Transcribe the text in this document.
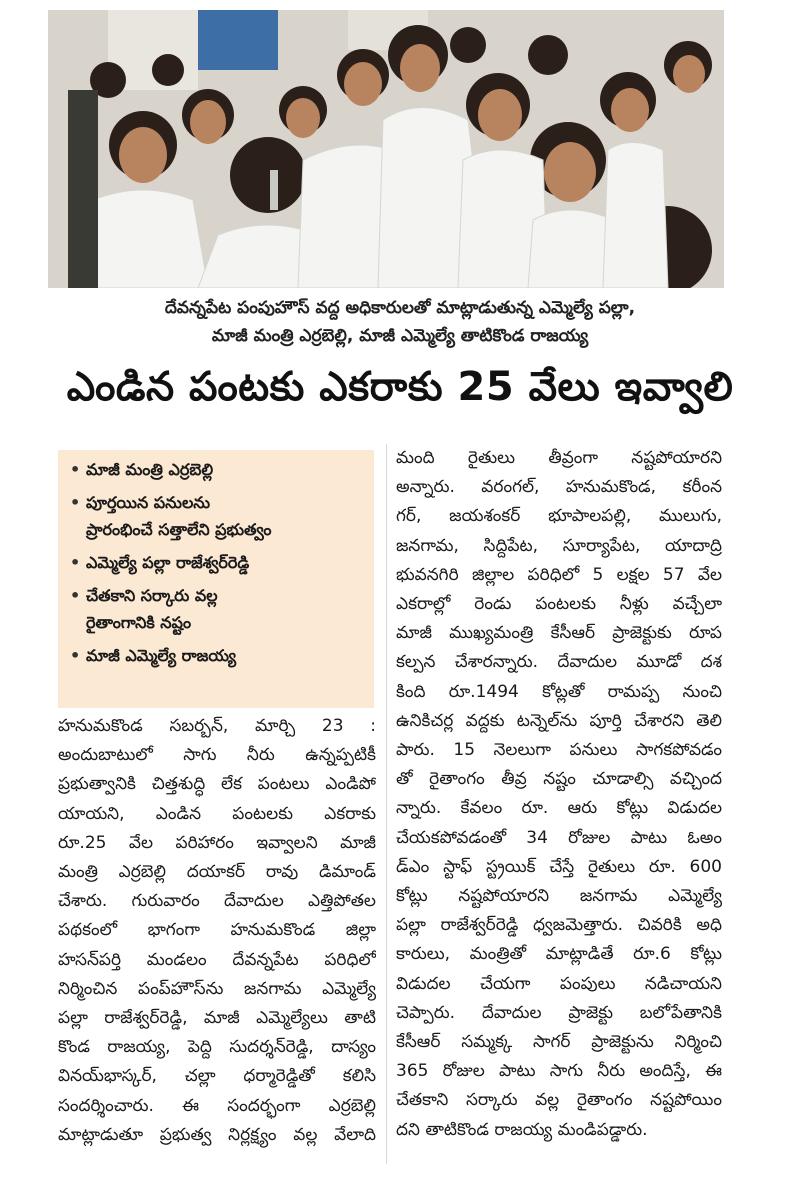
దేవన్నపేట పంపుహౌస్ వద్ద అధికారులతో మాట్లాడుతున్న ఎమ్మెల్యే పల్లా,
మాజీ మంత్రి ఎర్రబెల్లి, మాజీ ఎమ్మెల్యే తాటికొండ రాజయ్య
ఎండిన పంటకు ఎకరాకు 25 వేలు ఇవ్వాలి
• మాజీ మంత్రి ఎర్రబెల్లి
• పూర్తయిన పనులను
ప్రారంభించే సత్తాలేని ప్రభుత్వం
• ఎమ్మెల్యే పల్లా రాజేశ్వర్‌రెడ్డి
• చేతకాని సర్కారు వల్ల
రైతాంగానికి నష్టం
• మాజీ ఎమ్మెల్యే రాజయ్య
హనుమకొండ సబర్బన్, మార్చి 23 :
అందుబాటులో సాగు నీరు ఉన్నప్పటికీ
ప్రభుత్వానికి చిత్తశుద్ధి లేక పంటలు ఎండిపో
యాయని, ఎండిన పంటలకు ఎకరాకు
రూ.25 వేల పరిహారం ఇవ్వాలని మాజీ
మంత్రి ఎర్రబెల్లి దయాకర్ రావు డిమాండ్
చేశారు. గురువారం దేవాదుల ఎత్తిపోతల
పథకంలో భాగంగా హనుమకొండ జిల్లా
హసన్‌పర్తి మండలం దేవన్నపేట పరిధిలో
నిర్మించిన పంప్‌హౌస్‌ను జనగామ ఎమ్మెల్యే
పల్లా రాజేశ్వర్‌రెడ్డి, మాజీ ఎమ్మెల్యేలు తాటి
కొండ రాజయ్య, పెద్ది సుదర్శన్‌రెడ్డి, దాస్యం
వినయ్‌భాస్కర్, చల్లా ధర్మారెడ్డితో కలిసి
సందర్శించారు. ఈ సందర్భంగా ఎర్రబెల్లి
మాట్లాడుతూ ప్రభుత్వ నిర్లక్ష్యం వల్ల వేలాది
మంది రైతులు తీవ్రంగా నష్టపోయారని
అన్నారు. వరంగల్, హనుమకొండ, కరీంన
గర్, జయశంకర్ భూపాలపల్లి, ములుగు,
జనగామ, సిద్దిపేట, సూర్యాపేట, యాదాద్రి
భువనగిరి జిల్లాల పరిధిలో 5 లక్షల 57 వేల
ఎకరాల్లో రెండు పంటలకు నీళ్లు వచ్చేలా
మాజీ ముఖ్యమంత్రి కేసీఆర్ ప్రాజెక్టుకు రూప
కల్పన చేశారన్నారు. దేవాదుల మూడో దశ
కింది రూ.1494 కోట్లతో రామప్ప నుంచి
ఉనికిచర్ల వద్దకు టన్నెల్‌ను పూర్తి చేశారని తెలి
పారు. 15 నెలలుగా పనులు సాగకపోవడం
తో రైతాంగం తీవ్ర నష్టం చూడాల్సి వచ్చింద
న్నారు. కేవలం రూ. ఆరు కోట్లు విడుదల
చేయకపోవడంతో 34 రోజుల పాటు ఓఅం
డ్‌ఎం స్టాఫ్ స్ట్రయిక్ చేస్తే రైతులు రూ. 600
కోట్లు నష్టపోయారని జనగామ ఎమ్మెల్యే
పల్లా రాజేశ్వర్‌రెడ్డి ధ్వజమెత్తారు. చివరికి అధి
కారులు, మంత్రితో మాట్లాడితే రూ.6 కోట్లు
విడుదల చేయగా పంపులు నడిచాయని
చెప్పారు. దేవాదుల ప్రాజెక్టు బలోపేతానికి
కేసీఆర్ సమ్మక్క సాగర్ ప్రాజెక్టును నిర్మించి
365 రోజుల పాటు సాగు నీరు అందిస్తే, ఈ
చేతకాని సర్కారు వల్ల రైతాంగం నష్టపోయిం
దని తాటికొండ రాజయ్య మండిపడ్డారు.
